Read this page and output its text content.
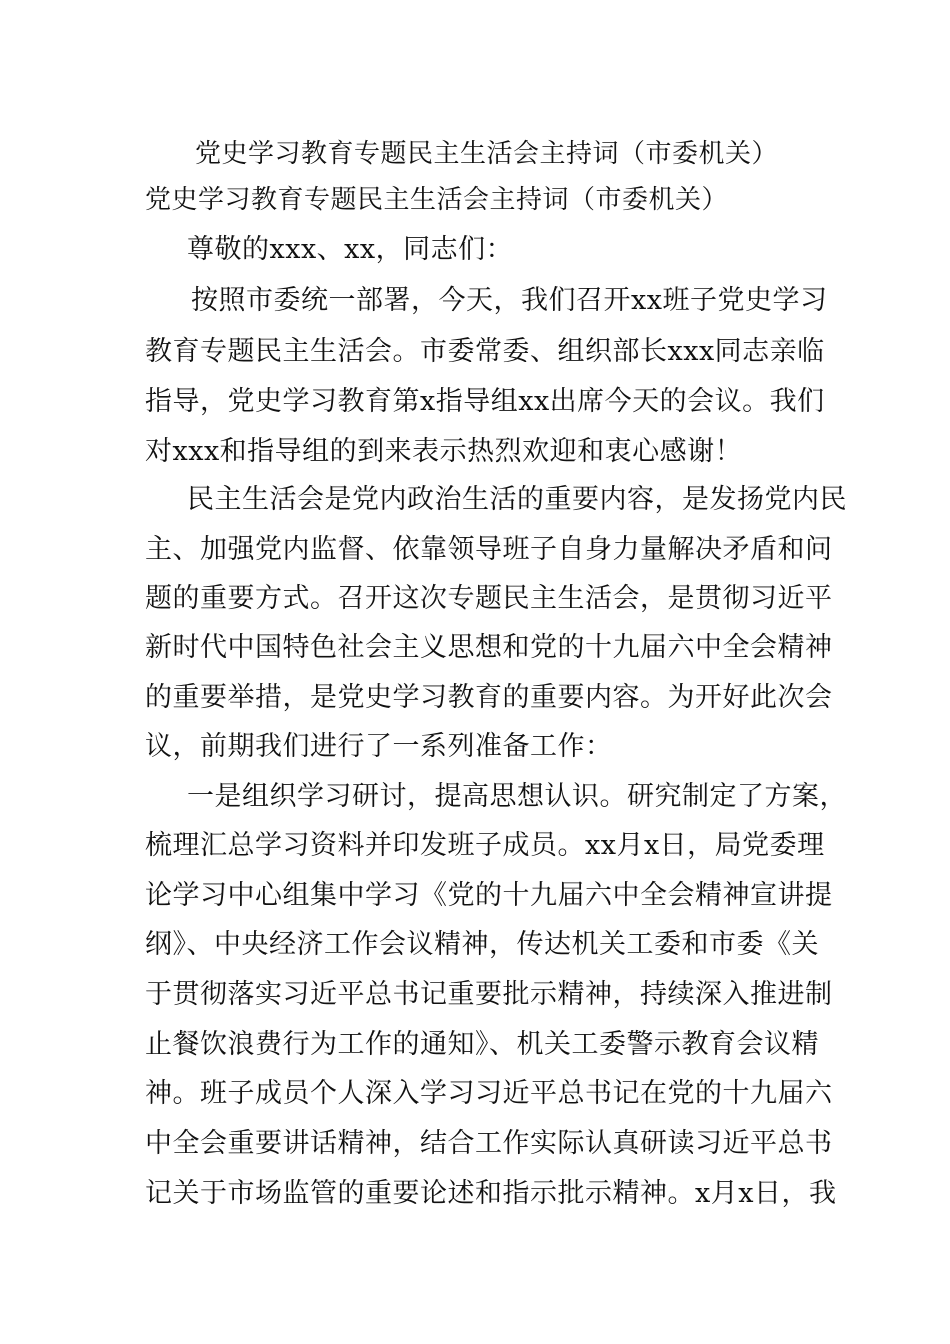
党史学习教育专题民主生活会主持词（市委机关）
党史学习教育专题民主生活会主持词（市委机关）
尊敬的xxx、xx，同志们：
按照市委统一部署，今天，我们召开xx班子党史学习
教育专题民主生活会。市委常委、组织部长xxx同志亲临
指导，党史学习教育第x指导组xx出席今天的会议。我们
对xxx和指导组的到来表示热烈欢迎和衷心感谢！
民主生活会是党内政治生活的重要内容，是发扬党内民
主、加强党内监督、依靠领导班子自身力量解决矛盾和问
题的重要方式。召开这次专题民主生活会，是贯彻习近平
新时代中国特色社会主义思想和党的十九届六中全会精神
的重要举措，是党史学习教育的重要内容。为开好此次会
议，前期我们进行了一系列准备工作：
一是组织学习研讨，提高思想认识。研究制定了方案，
梳理汇总学习资料并印发班子成员。xx月x日，局党委理
论学习中心组集中学习《党的十九届六中全会精神宣讲提
纲》、中央经济工作会议精神，传达机关工委和市委《关
于贯彻落实习近平总书记重要批示精神，持续深入推进制
止餐饮浪费行为工作的通知》、机关工委警示教育会议精
神。班子成员个人深入学习习近平总书记在党的十九届六
中全会重要讲话精神，结合工作实际认真研读习近平总书
记关于市场监管的重要论述和指示批示精神。x月x日，我
